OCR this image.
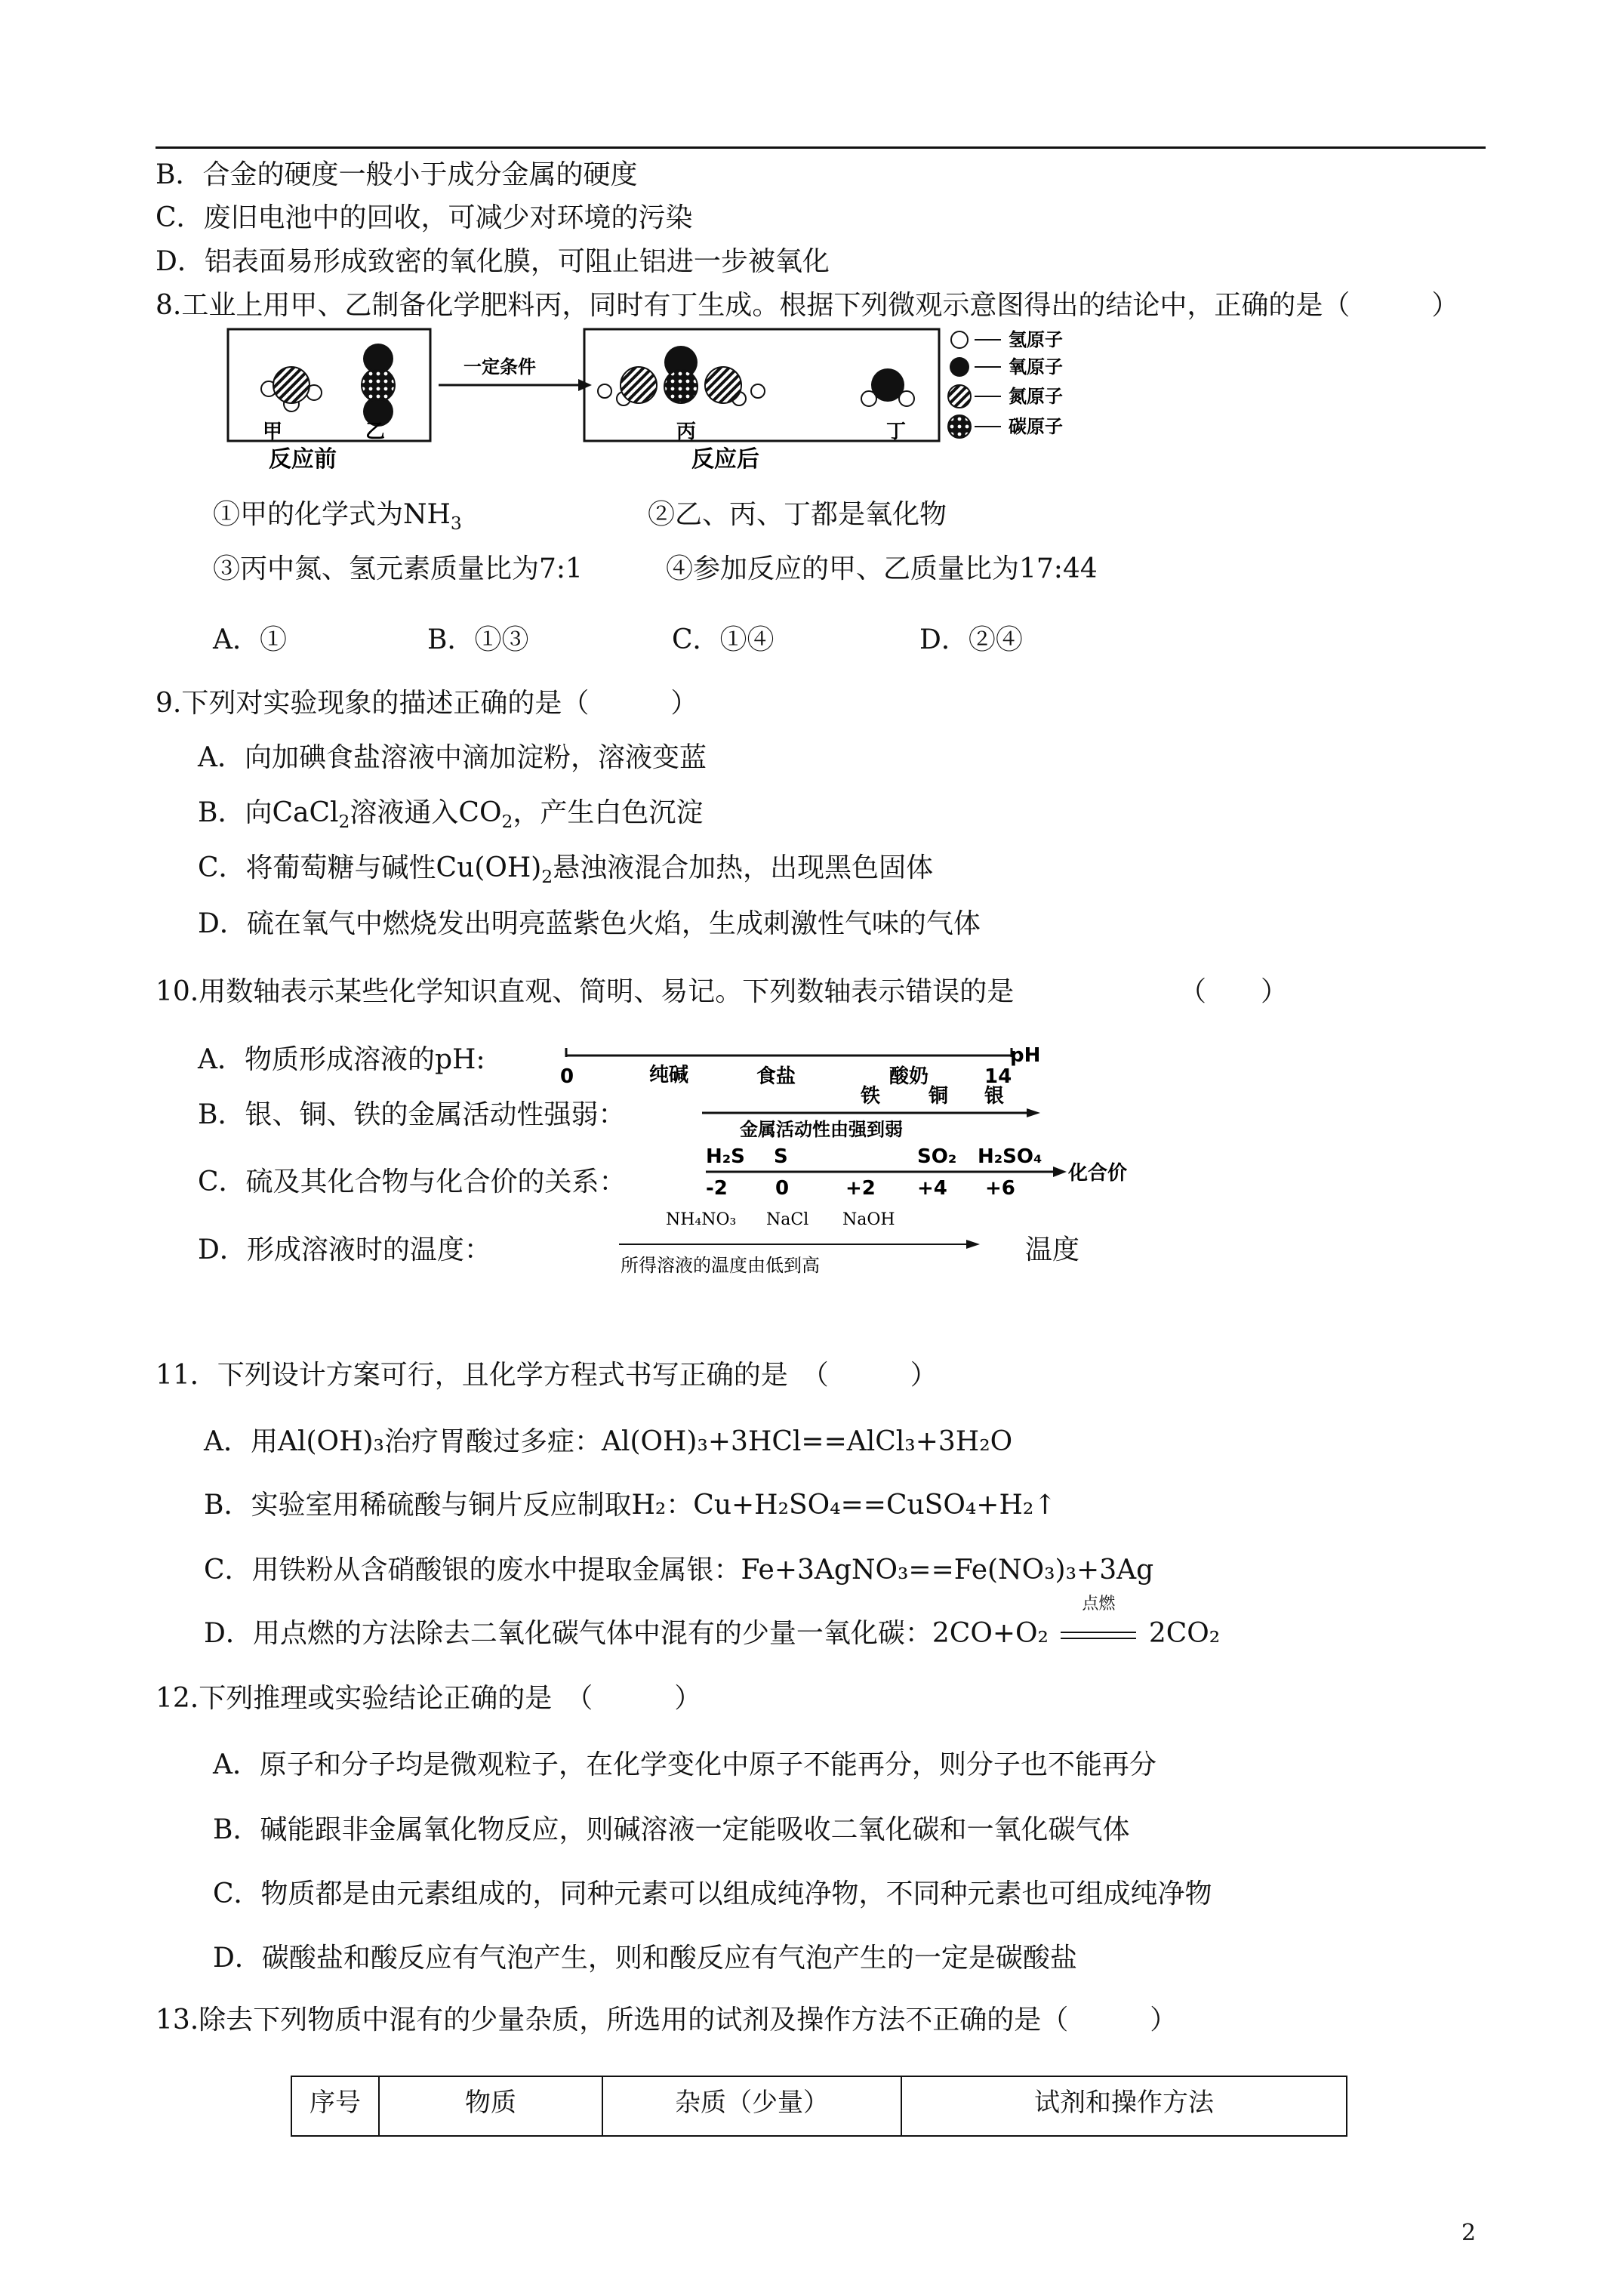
B．合金的硬度一般小于成分金属的硬度
C．废旧电池中的回收，可减少对环境的污染
D．铝表面易形成致密的氧化膜，可阻止铝进一步被氧化
8.工业上用甲、乙制备化学肥料丙，同时有丁生成。根据下列微观示意图得出的结论中，正确的是（　　　）
甲	乙
反应前
一定条件
丙	丁
反应后
氢原子
氧原子
氮原子
碳原子
①甲的化学式为$NH_3$	②乙、丙、丁都是氧化物
③丙中氮、氢元素质量比为7:1	④参加反应的甲、乙质量比为17:44
A．①	B．①③	C．①④	D．②④
9.下列对实验现象的描述正确的是（　　　）
A．向加碘食盐溶液中滴加淀粉，溶液变蓝
B．向CaCl$_2$溶液通入$CO_2$，产生白色沉淀
C．将葡萄糖与碱性$Cu(OH)_2$悬浊液混合加热，出现黑色固体
D．硫在氧气中燃烧发出明亮蓝紫色火焰，生成刺激性气味的气体
10.用数轴表示某些化学知识直观、简明、易记。下列数轴表示错误的是	（　　）
A．物质形成溶液的pH:
0	纯碱	食盐	酸奶	14
pH
B．银、铜、铁的金属活动性强弱：
铁 铜 银
金属活动性由强到弱
C．硫及其化合物与化合价的关系：
H₂S S	SO₂ H₂SO₄
化合价
-2 0	+2 +4 +6
D．形成溶液时的温度：
NH₄NO₃ NaCl NaOH
所得溶液的温度由低到高	温度
11．下列设计方案可行，且化学方程式书写正确的是　（　　　）
A．用Al(OH)₃治疗胃酸过多症：Al(OH)₃+3HCl==AlCl₃+3H₂O
B．实验室用稀硫酸与铜片反应制取H₂：Cu+H₂SO₄==CuSO₄+H₂↑
C．用铁粉从含硝酸银的废水中提取金属银：Fe+3AgNO₃==Fe(NO₃)₃+3Ag
D．用点燃的方法除去二氧化碳气体中混有的少量一氧化碳：2CO+O₂
点燃
2CO₂
12.下列推理或实验结论正确的是　（　　　）
A．原子和分子均是微观粒子，在化学变化中原子不能再分，则分子也不能再分
B．碱能跟非金属氧化物反应，则碱溶液一定能吸收二氧化碳和一氧化碳气体
C．物质都是由元素组成的，同种元素可以组成纯净物，不同种元素也可组成纯净物
D．碳酸盐和酸反应有气泡产生，则和酸反应有气泡产生的一定是碳酸盐
13.除去下列物质中混有的少量杂质，所选用的试剂及操作方法不正确的是（　　　）
序号	物质	杂质（少量）	试剂和操作方法
2
